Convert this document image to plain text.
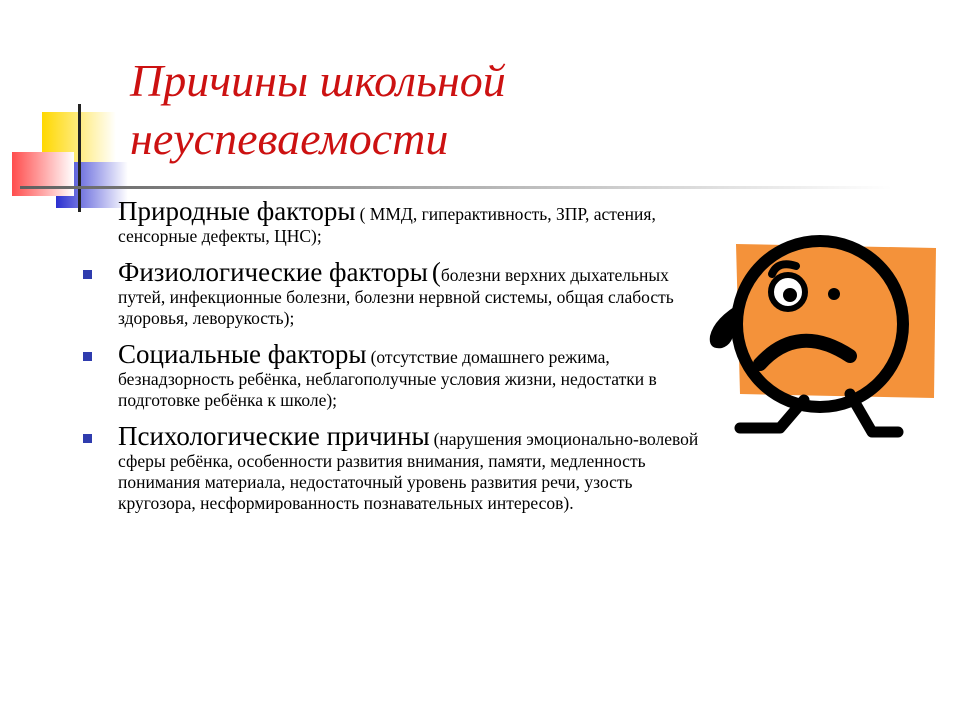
Причины школьной
неуспеваемости
Природные факторы ( ММД, гиперактивность, ЗПР, астения, сенсорные дефекты, ЦНС);
Физиологические факторы (болезни верхних дыхательных путей, инфекционные болезни, болезни нервной системы, общая слабость здоровья, леворукость);
Социальные факторы (отсутствие домашнего режима, безнадзорность ребёнка, неблагополучные условия жизни, недостатки в подготовке ребёнка к школе);
Психологические причины (нарушения эмоционально-волевой сферы ребёнка, особенности развития внимания, памяти, медленность понимания материала, недостаточный уровень развития речи, узость кругозора, несформированность познавательных интересов).
